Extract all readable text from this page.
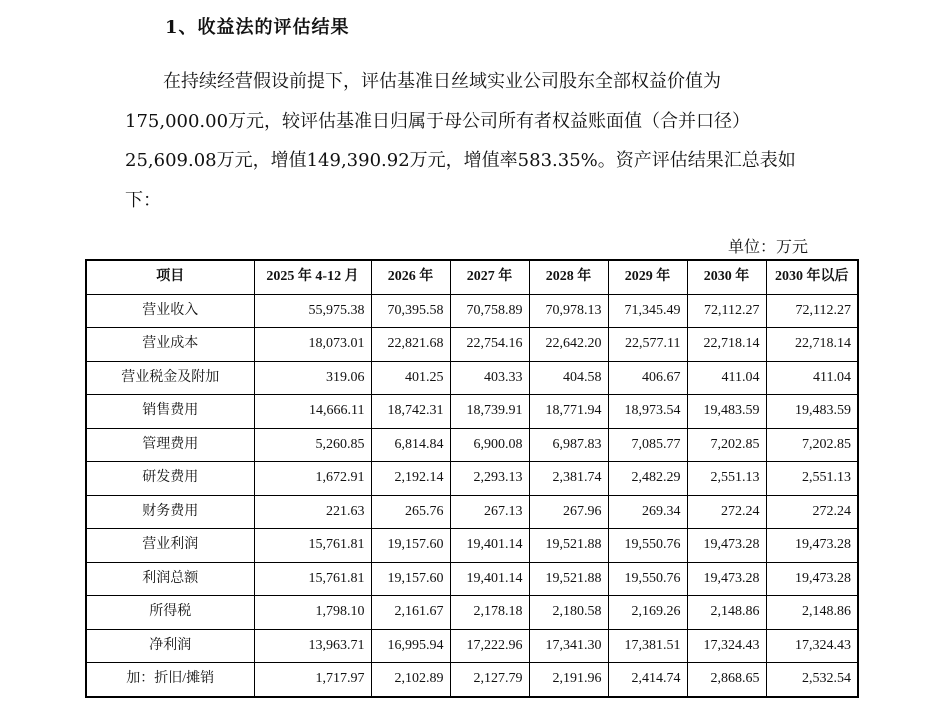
1、收益法的评估结果

在持续经营假设前提下，评估基准日丝域实业公司股东全部权益价值为
175,000.00万元，较评估基准日归属于母公司所有者权益账面值（合并口径）
25,609.08万元，增值149,390.92万元，增值率583.35%。资产评估结果汇总表如
下：

单位：万元
项目	2025 年 4-12 月	2026 年	2027 年	2028 年	2029 年	2030 年	2030 年以后
营业收入	55,975.38	70,395.58	70,758.89	70,978.13	71,345.49	72,112.27	72,112.27
营业成本	18,073.01	22,821.68	22,754.16	22,642.20	22,577.11	22,718.14	22,718.14
营业税金及附加	319.06	401.25	403.33	404.58	406.67	411.04	411.04
销售费用	14,666.11	18,742.31	18,739.91	18,771.94	18,973.54	19,483.59	19,483.59
管理费用	5,260.85	6,814.84	6,900.08	6,987.83	7,085.77	7,202.85	7,202.85
研发费用	1,672.91	2,192.14	2,293.13	2,381.74	2,482.29	2,551.13	2,551.13
财务费用	221.63	265.76	267.13	267.96	269.34	272.24	272.24
营业利润	15,761.81	19,157.60	19,401.14	19,521.88	19,550.76	19,473.28	19,473.28
利润总额	15,761.81	19,157.60	19,401.14	19,521.88	19,550.76	19,473.28	19,473.28
所得税	1,798.10	2,161.67	2,178.18	2,180.58	2,169.26	2,148.86	2,148.86
净利润	13,963.71	16,995.94	17,222.96	17,341.30	17,381.51	17,324.43	17,324.43
加：折旧/摊销	1,717.97	2,102.89	2,127.79	2,191.96	2,414.74	2,868.65	2,532.54
